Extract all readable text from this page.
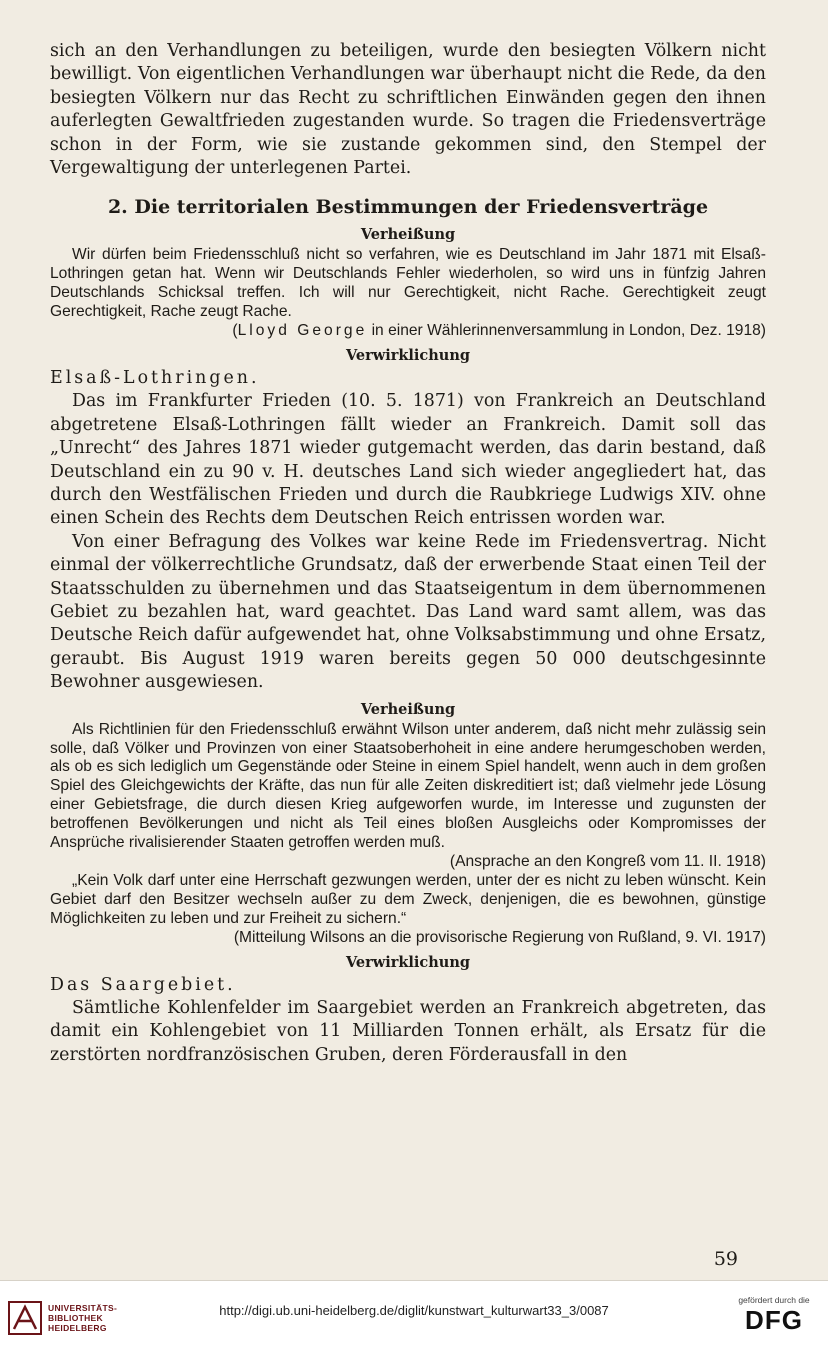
sich an den Verhandlungen zu beteiligen, wurde den besiegten Völkern nicht bewilligt. Von eigentlichen Verhandlungen war überhaupt nicht die Rede, da den besiegten Völkern nur das Recht zu schriftlichen Einwänden gegen den ihnen auferlegten Gewaltfrieden zugestanden wurde. So tragen die Friedensverträge schon in der Form, wie sie zustande gekommen sind, den Stempel der Vergewaltigung der unterlegenen Partei.

2. Die territorialen Bestimmungen der Friedensverträge
Verheißung

Wir dürfen beim Friedensschluß nicht so verfahren, wie es Deutschland im Jahr 1871 mit Elsaß-Lothringen getan hat. Wenn wir Deutschlands Fehler wiederholen, so wird uns in fünfzig Jahren Deutschlands Schicksal treffen. Ich will nur Gerechtigkeit, nicht Rache. Gerechtigkeit zeugt Gerechtigkeit, Rache zeugt Rache.

(Lloyd George in einer Wählerinnenversammlung in London, Dez. 1918)

Verwirklichung

Elsaß-Lothringen.

Das im Frankfurter Frieden (10. 5. 1871) von Frankreich an Deutschland abgetretene Elsaß-Lothringen fällt wieder an Frankreich. Damit soll das „Unrecht“ des Jahres 1871 wieder gutgemacht werden, das darin bestand, daß Deutschland ein zu 90 v. H. deutsches Land sich wieder angegliedert hat, das durch den Westfälischen Frieden und durch die Raubkriege Ludwigs XIV. ohne einen Schein des Rechts dem Deutschen Reich entrissen worden war.

Von einer Befragung des Volkes war keine Rede im Friedensvertrag. Nicht einmal der völkerrechtliche Grundsatz, daß der erwerbende Staat einen Teil der Staatsschulden zu übernehmen und das Staatseigentum in dem übernommenen Gebiet zu bezahlen hat, ward geachtet. Das Land ward samt allem, was das Deutsche Reich dafür aufgewendet hat, ohne Volksabstimmung und ohne Ersatz, geraubt. Bis August 1919 waren bereits gegen 50 000 deutschgesinnte Bewohner ausgewiesen.

Verheißung

Als Richtlinien für den Friedensschluß erwähnt Wilson unter anderem, daß nicht mehr zulässig sein solle, daß Völker und Provinzen von einer Staatsoberhoheit in eine andere herumgeschoben werden, als ob es sich lediglich um Gegenstände oder Steine in einem Spiel handelt, wenn auch in dem großen Spiel des Gleichgewichts der Kräfte, das nun für alle Zeiten diskreditiert ist; daß vielmehr jede Lösung einer Gebietsfrage, die durch diesen Krieg aufgeworfen wurde, im Interesse und zugunsten der betroffenen Bevölkerungen und nicht als Teil eines bloßen Ausgleichs oder Kompromisses der Ansprüche rivalisierender Staaten getroffen werden muß.

(Ansprache an den Kongreß vom 11. II. 1918)

„Kein Volk darf unter eine Herrschaft gezwungen werden, unter der es nicht zu leben wünscht. Kein Gebiet darf den Besitzer wechseln außer zu dem Zweck, denjenigen, die es bewohnen, günstige Möglichkeiten zu leben und zur Freiheit zu sichern.“

(Mitteilung Wilsons an die provisorische Regierung von Rußland, 9. VI. 1917)

Verwirklichung

Das Saargebiet.

Sämtliche Kohlenfelder im Saargebiet werden an Frankreich abgetreten, das damit ein Kohlengebiet von 11 Milliarden Tonnen erhält, als Ersatz für die zerstörten nordfranzösischen Gruben, deren Förderausfall in den

59
UNIVERSITÄTS-
BIBLIOTHEK
HEIDELBERG
http://digi.ub.uni-heidelberg.de/diglit/kunstwart_kulturwart33_3/0087
gefördert durch die
DFG
